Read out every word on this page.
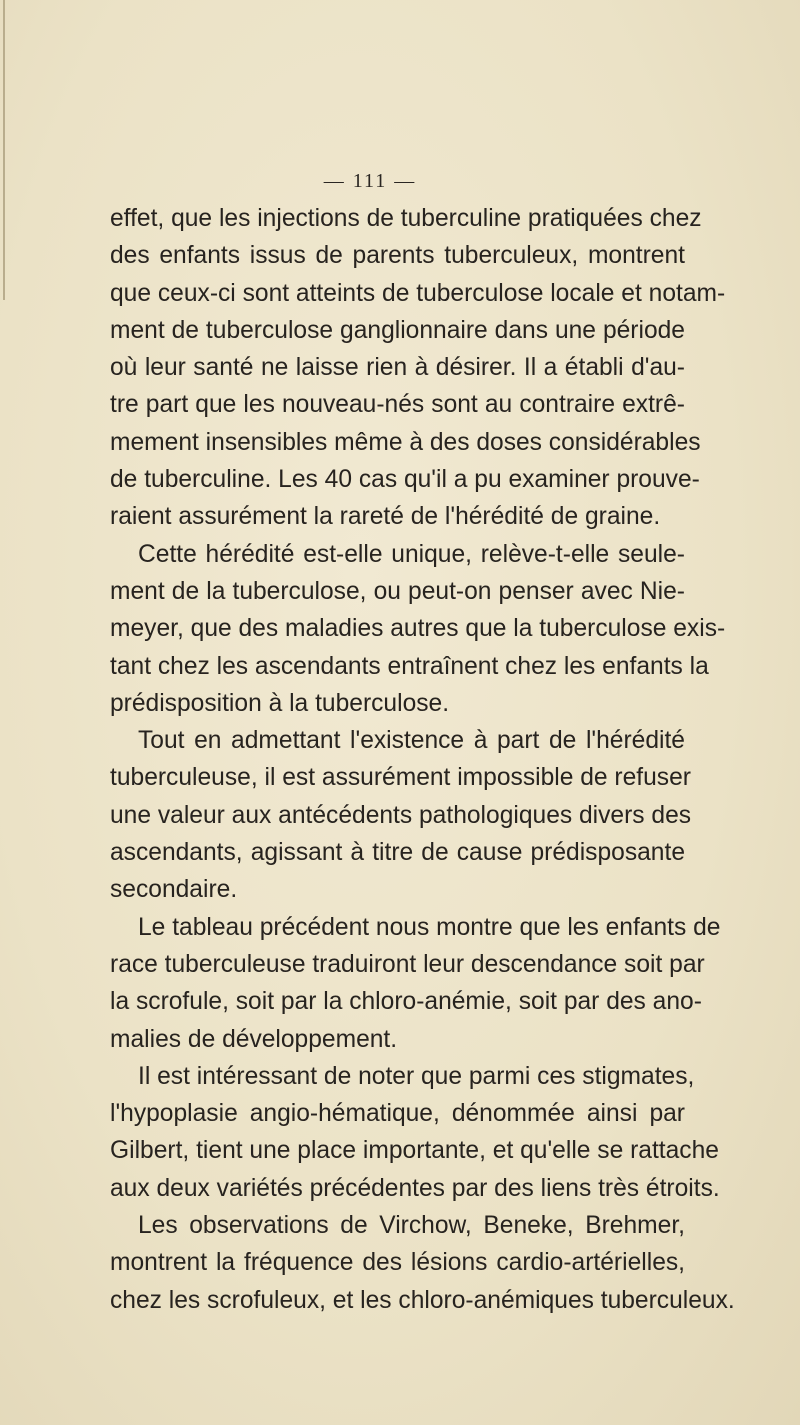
— 111 —
effet, que les injections de tuberculine pratiquées chez
des enfants issus de parents tuberculeux, montrent
que ceux-ci sont atteints de tuberculose locale et notam-
ment de tuberculose ganglionnaire dans une période
où leur santé ne laisse rien à désirer. Il a établi d'au-
tre part que les nouveau-nés sont au contraire extrê-
mement insensibles même à des doses considérables
de tuberculine. Les 40 cas qu'il a pu examiner prouve-
raient assurément la rareté de l'hérédité de graine.
Cette hérédité est-elle unique, relève-t-elle seule-
ment de la tuberculose, ou peut-on penser avec Nie-
meyer, que des maladies autres que la tuberculose exis-
tant chez les ascendants entraînent chez les enfants la
prédisposition à la tuberculose.
Tout en admettant l'existence à part de l'hérédité
tuberculeuse, il est assurément impossible de refuser
une valeur aux antécédents pathologiques divers des
ascendants, agissant à titre de cause prédisposante
secondaire.
Le tableau précédent nous montre que les enfants de
race tuberculeuse traduiront leur descendance soit par
la scrofule, soit par la chloro-anémie, soit par des ano-
malies de développement.
Il est intéressant de noter que parmi ces stigmates,
l'hypoplasie angio-hématique, dénommée ainsi par
Gilbert, tient une place importante, et qu'elle se rattache
aux deux variétés précédentes par des liens très étroits.
Les observations de Virchow, Beneke, Brehmer,
montrent la fréquence des lésions cardio-artérielles,
chez les scrofuleux, et les chloro-anémiques tuberculeux.
